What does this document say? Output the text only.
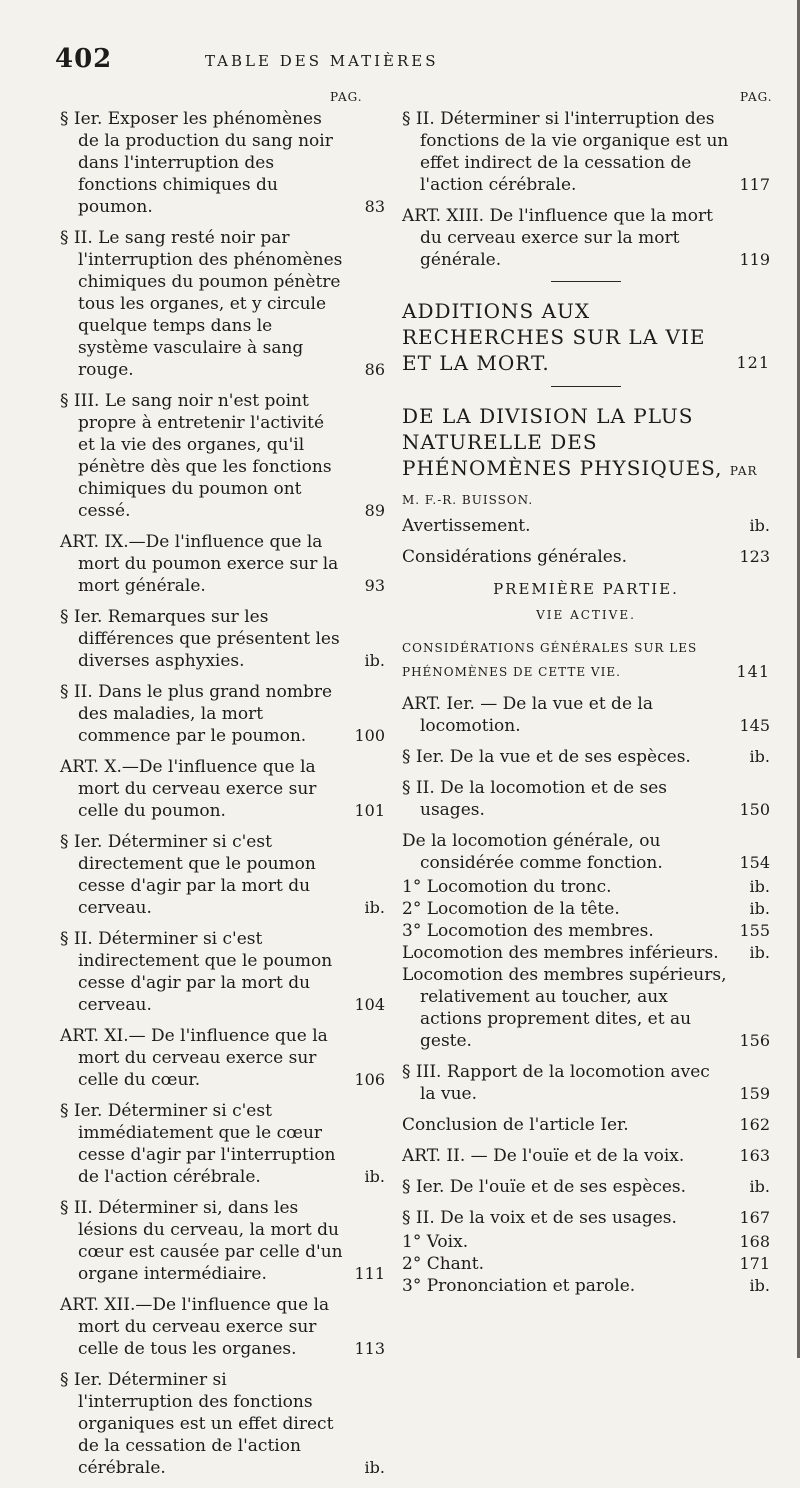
402	TABLE DES MATIÈRES
PAG.	PAG.
§ Ier. Exposer les phénomènes de la production du sang noir dans l'interruption des fonctions chimiques du poumon.	83
§ II. Le sang resté noir par l'interruption des phénomènes chimiques du poumon pénètre tous les organes, et y circule quelque temps dans le système vasculaire à sang rouge.	86
§ III. Le sang noir n'est point propre à entretenir l'activité et la vie des organes, qu'il pénètre dès que les fonctions chimiques du poumon ont cessé.	89
ART. IX.—De l'influence que la mort du poumon exerce sur la mort générale.	93
§ Ier. Remarques sur les différences que présentent les diverses asphyxies.	ib.
§ II. Dans le plus grand nombre des maladies, la mort commence par le poumon.	100
ART. X.—De l'influence que la mort du cerveau exerce sur celle du poumon.	101
§ Ier. Déterminer si c'est directement que le poumon cesse d'agir par la mort du cerveau.	ib.
§ II. Déterminer si c'est indirectement que le poumon cesse d'agir par la mort du cerveau.	104
ART. XI.— De l'influence que la mort du cerveau exerce sur celle du cœur.	106
§ Ier. Déterminer si c'est immédiatement que le cœur cesse d'agir par l'interruption de l'action cérébrale.	ib.
§ II. Déterminer si, dans les lésions du cerveau, la mort du cœur est causée par celle d'un organe intermédiaire.	111
ART. XII.—De l'influence que la mort du cerveau exerce sur celle de tous les organes.	113
§ Ier. Déterminer si l'interruption des fonctions organiques est un effet direct de la cessation de l'action cérébrale.	ib.
§ II. Déterminer si l'interruption des fonctions de la vie organique est un effet indirect de la cessation de l'action cérébrale.	117
ART. XIII. De l'influence que la mort du cerveau exerce sur la mort générale.	119
ADDITIONS AUX RECHERCHES SUR LA VIE ET LA MORT.	121
DE LA DIVISION LA PLUS NATURELLE DES PHÉNOMÈNES PHYSIQUES, PAR M. F.-R. BUISSON.
Avertissement.	ib.
Considérations générales.	123
PREMIÈRE PARTIE.
VIE ACTIVE.
CONSIDÉRATIONS GÉNÉRALES SUR LES PHÉNOMÈNES DE CETTE VIE.	141
ART. Ier. — De la vue et de la locomotion.	145
§ Ier. De la vue et de ses espèces.	ib.
§ II. De la locomotion et de ses usages.	150
De la locomotion générale, ou considérée comme fonction.	154
1° Locomotion du tronc.	ib.
2° Locomotion de la tête.	ib.
3° Locomotion des membres.	155
Locomotion des membres inférieurs. ib.
Locomotion des membres supérieurs, relativement au toucher, aux actions proprement dites, et au geste.	156
§ III. Rapport de la locomotion avec la vue.	159
Conclusion de l'article Ier.	162
ART. II. — De l'ouïe et de la voix.	163
§ Ier. De l'ouïe et de ses espèces.	ib.
§ II. De la voix et de ses usages.	167
1° Voix.	168
2° Chant.	171
3° Prononciation et parole.	ib.
